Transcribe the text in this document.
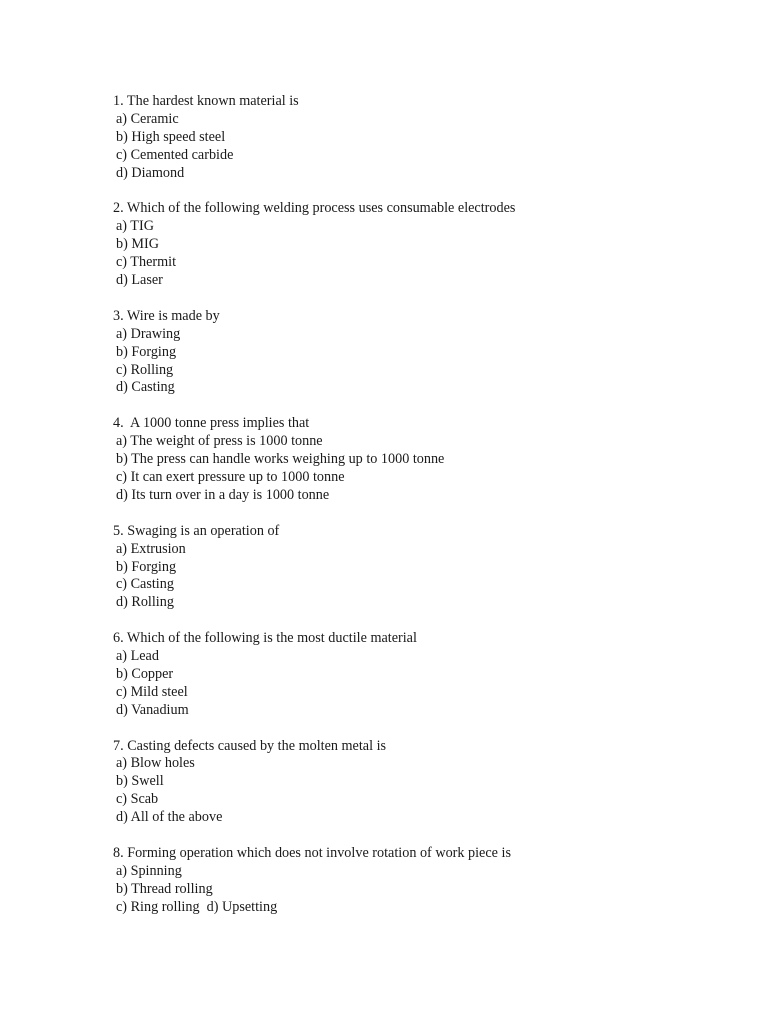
1. The hardest known material is
a) Ceramic
b) High speed steel
c) Cemented carbide
d) Diamond
2. Which of the following welding process uses consumable electrodes
a) TIG
b) MIG
c) Thermit
d) Laser
3. Wire is made by
a) Drawing
b) Forging
c) Rolling
d) Casting
4.  A 1000 tonne press implies that
a) The weight of press is 1000 tonne
b) The press can handle works weighing up to 1000 tonne
c) It can exert pressure up to 1000 tonne
d) Its turn over in a day is 1000 tonne
5. Swaging is an operation of
a) Extrusion
b) Forging
c) Casting
d) Rolling
6. Which of the following is the most ductile material
a) Lead
b) Copper
c) Mild steel
d) Vanadium
7. Casting defects caused by the molten metal is
a) Blow holes
b) Swell
c) Scab
d) All of the above
8. Forming operation which does not involve rotation of work piece is
a) Spinning
b) Thread rolling
c) Ring rolling  d) Upsetting
